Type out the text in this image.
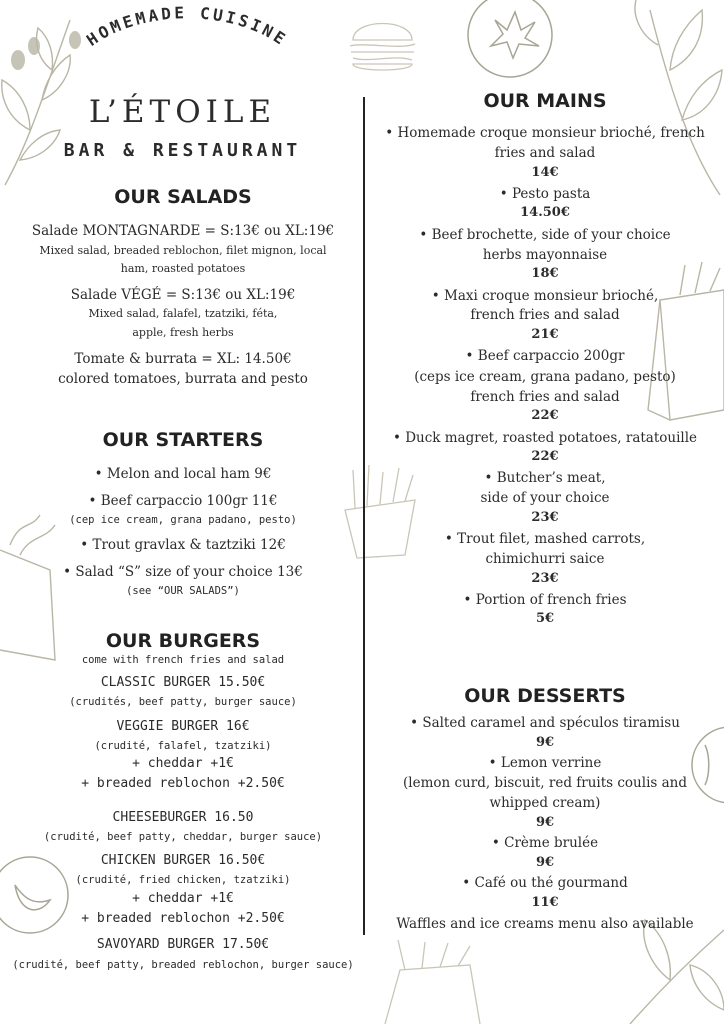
HOMEMADE CUISINE
L’ÉTOILE
BAR & RESTAURANT
OUR SALADS
Salade MONTAGNARDE = S:13€ ou XL:19€
Mixed salad, breaded reblochon, filet mignon, local
ham, roasted potatoes
Salade VÉGÉ = S:13€ ou XL:19€
Mixed salad, falafel, tzatziki, féta,
apple, fresh herbs
Tomate & burrata = XL: 14.50€
colored tomatoes, burrata and pesto
OUR STARTERS
• Melon and local ham 9€
• Beef carpaccio 100gr 11€
(cep ice cream, grana padano, pesto)
• Trout gravlax & taztziki 12€
• Salad “S” size of your choice 13€
(see “OUR SALADS”)
OUR BURGERS
come with french fries and salad
CLASSIC BURGER 15.50€
(crudités, beef patty, burger sauce)
VEGGIE BURGER 16€
(crudité, falafel, tzatziki)
+ cheddar +1€
+ breaded reblochon +2.50€
CHEESEBURGER 16.50
(crudité, beef patty, cheddar, burger sauce)
CHICKEN BURGER 16.50€
(crudité, fried chicken, tzatziki)
+ cheddar +1€
+ breaded reblochon +2.50€
SAVOYARD BURGER 17.50€
(crudité, beef patty, breaded reblochon, burger sauce)
OUR MAINS
• Homemade croque monsieur brioché, french
fries and salad
14€
• Pesto pasta
14.50€
• Beef brochette, side of your choice
herbs mayonnaise
18€
• Maxi croque monsieur brioché,
french fries and salad
21€
• Beef carpaccio 200gr
(ceps ice cream, grana padano, pesto)
french fries and salad
22€
• Duck magret, roasted potatoes, ratatouille
22€
• Butcher’s meat,
side of your choice
23€
• Trout filet, mashed carrots,
chimichurri saice
23€
• Portion of french fries
5€
OUR DESSERTS
• Salted caramel and spéculos tiramisu
9€
• Lemon verrine
(lemon curd, biscuit, red fruits coulis and
whipped cream)
9€
• Crème brulée
9€
• Café ou thé gourmand
11€
Waffles and ice creams menu also available
